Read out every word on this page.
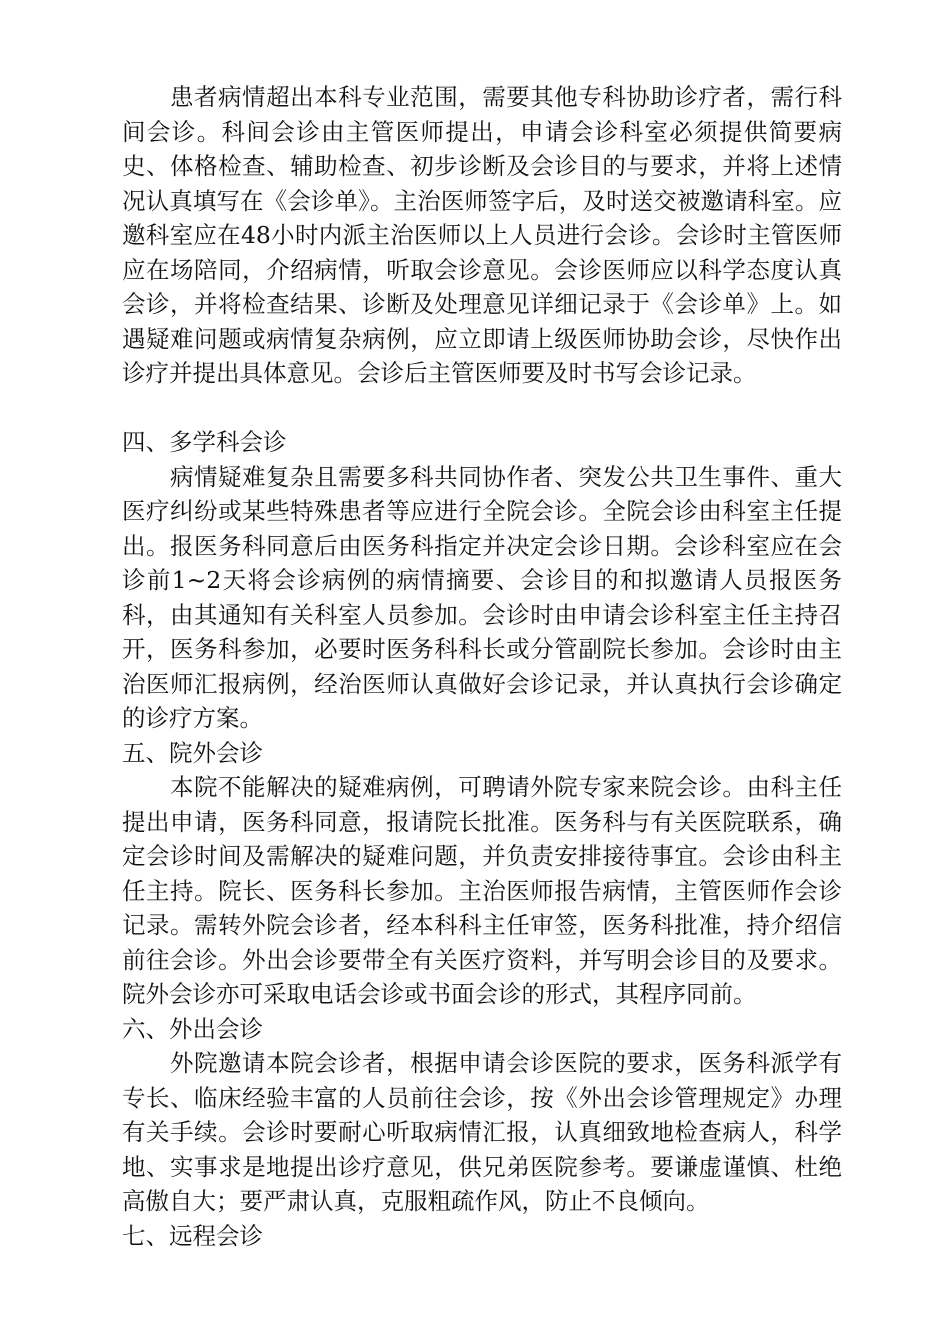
患者病情超出本科专业范围，需要其他专科协助诊疗者，需行科间会诊。科间会诊由主管医师提出，申请会诊科室必须提供简要病史、体格检查、辅助检查、初步诊断及会诊目的与要求，并将上述情况认真填写在《会诊单》。主治医师签字后，及时送交被邀请科室。应邀科室应在48小时内派主治医师以上人员进行会诊。会诊时主管医师应在场陪同，介绍病情，听取会诊意见。会诊医师应以科学态度认真会诊，并将检查结果、诊断及处理意见详细记录于《会诊单》上。如遇疑难问题或病情复杂病例，应立即请上级医师协助会诊，尽快作出诊疗并提出具体意见。会诊后主管医师要及时书写会诊记录。

四、多学科会诊

病情疑难复杂且需要多科共同协作者、突发公共卫生事件、重大医疗纠纷或某些特殊患者等应进行全院会诊。全院会诊由科室主任提出。报医务科同意后由医务科指定并决定会诊日期。会诊科室应在会诊前1~2天将会诊病例的病情摘要、会诊目的和拟邀请人员报医务科，由其通知有关科室人员参加。会诊时由申请会诊科室主任主持召开，医务科参加，必要时医务科科长或分管副院长参加。会诊时由主治医师汇报病例，经治医师认真做好会诊记录，并认真执行会诊确定的诊疗方案。

五、院外会诊

本院不能解决的疑难病例，可聘请外院专家来院会诊。由科主任提出申请，医务科同意，报请院长批准。医务科与有关医院联系，确定会诊时间及需解决的疑难问题，并负责安排接待事宜。会诊由科主任主持。院长、医务科长参加。主治医师报告病情，主管医师作会诊记录。需转外院会诊者，经本科科主任审签，医务科批准，持介绍信前往会诊。外出会诊要带全有关医疗资料，并写明会诊目的及要求。院外会诊亦可采取电话会诊或书面会诊的形式，其程序同前。

六、外出会诊

外院邀请本院会诊者，根据申请会诊医院的要求，医务科派学有专长、临床经验丰富的人员前往会诊，按《外出会诊管理规定》办理有关手续。会诊时要耐心听取病情汇报，认真细致地检查病人，科学地、实事求是地提出诊疗意见，供兄弟医院参考。要谦虚谨慎、杜绝高傲自大；要严肃认真，克服粗疏作风，防止不良倾向。

七、远程会诊
